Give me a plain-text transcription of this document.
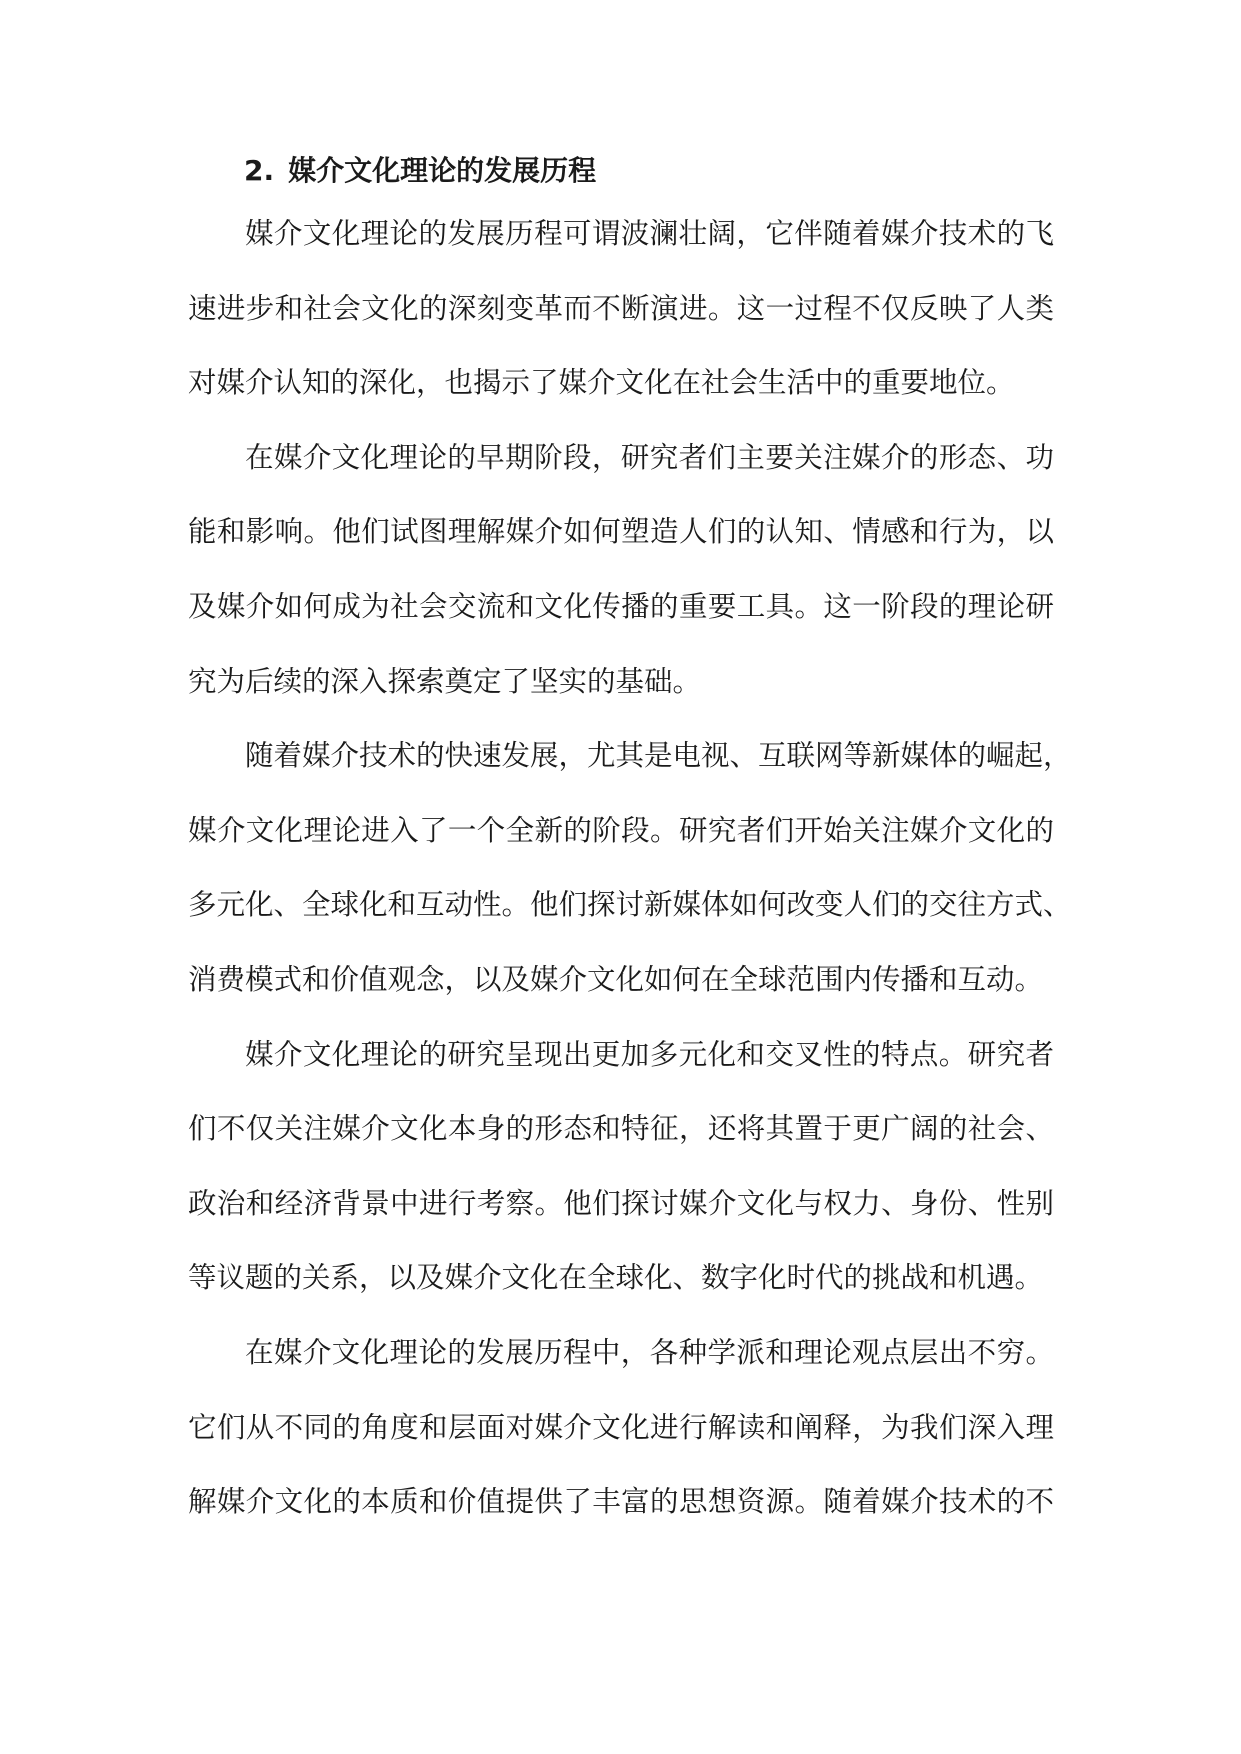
2. 媒介文化理论的发展历程
媒介文化理论的发展历程可谓波澜壮阔，它伴随着媒介技术的飞
速进步和社会文化的深刻变革而不断演进。这一过程不仅反映了人类
对媒介认知的深化，也揭示了媒介文化在社会生活中的重要地位。
在媒介文化理论的早期阶段，研究者们主要关注媒介的形态、功
能和影响。他们试图理解媒介如何塑造人们的认知、情感和行为，以
及媒介如何成为社会交流和文化传播的重要工具。这一阶段的理论研
究为后续的深入探索奠定了坚实的基础。
随着媒介技术的快速发展，尤其是电视、互联网等新媒体的崛起，
媒介文化理论进入了一个全新的阶段。研究者们开始关注媒介文化的
多元化、全球化和互动性。他们探讨新媒体如何改变人们的交往方式、
消费模式和价值观念，以及媒介文化如何在全球范围内传播和互动。
媒介文化理论的研究呈现出更加多元化和交叉性的特点。研究者
们不仅关注媒介文化本身的形态和特征，还将其置于更广阔的社会、
政治和经济背景中进行考察。他们探讨媒介文化与权力、身份、性别
等议题的关系，以及媒介文化在全球化、数字化时代的挑战和机遇。
在媒介文化理论的发展历程中，各种学派和理论观点层出不穷。
它们从不同的角度和层面对媒介文化进行解读和阐释，为我们深入理
解媒介文化的本质和价值提供了丰富的思想资源。随着媒介技术的不
